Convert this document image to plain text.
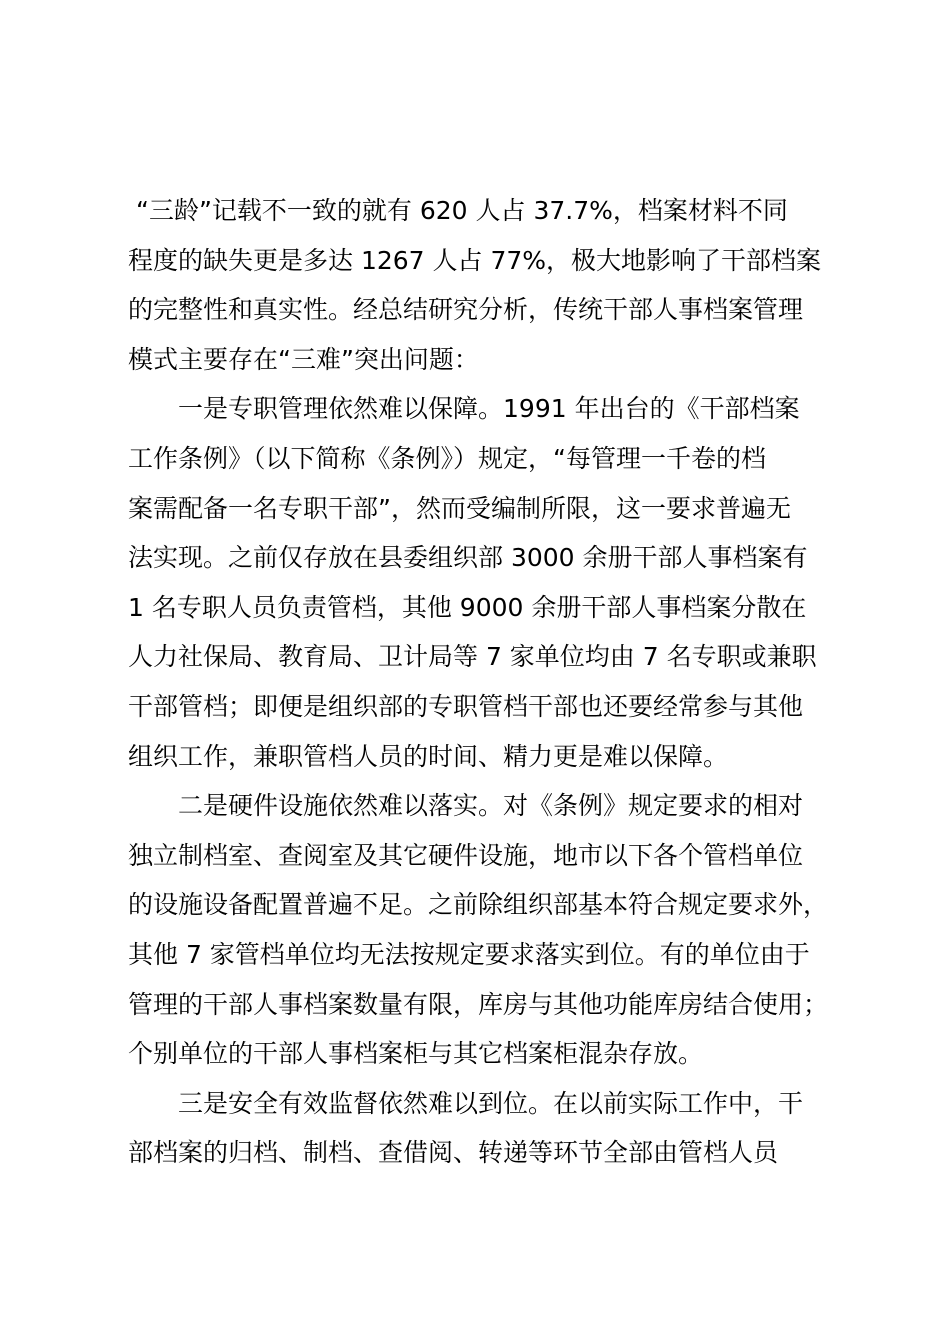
“三龄”记载不一致的就有 620 人占 37.7%，档案材料不同
程度的缺失更是多达 1267 人占 77%，极大地影响了干部档案
的完整性和真实性。经总结研究分析，传统干部人事档案管理
模式主要存在“三难”突出问题：
一是专职管理依然难以保障。1991 年出台的《干部档案
工作条例》（以下简称《条例》）规定，“每管理一千卷的档
案需配备一名专职干部”，然而受编制所限，这一要求普遍无
法实现。之前仅存放在县委组织部 3000 余册干部人事档案有
1 名专职人员负责管档，其他 9000 余册干部人事档案分散在
人力社保局、教育局、卫计局等 7 家单位均由 7 名专职或兼职
干部管档；即便是组织部的专职管档干部也还要经常参与其他
组织工作，兼职管档人员的时间、精力更是难以保障。
二是硬件设施依然难以落实。对《条例》规定要求的相对
独立制档室、查阅室及其它硬件设施，地市以下各个管档单位
的设施设备配置普遍不足。之前除组织部基本符合规定要求外，
其他 7 家管档单位均无法按规定要求落实到位。有的单位由于
管理的干部人事档案数量有限，库房与其他功能库房结合使用；
个别单位的干部人事档案柜与其它档案柜混杂存放。
三是安全有效监督依然难以到位。在以前实际工作中，干
部档案的归档、制档、查借阅、转递等环节全部由管档人员
